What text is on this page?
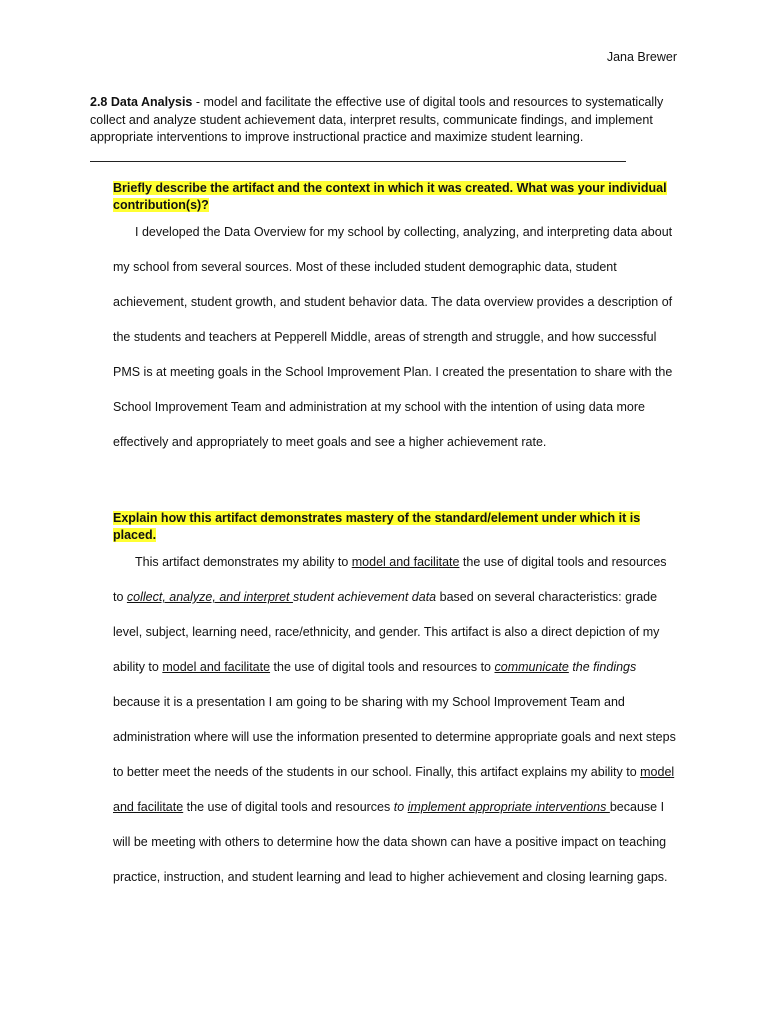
Jana Brewer

2.8 Data Analysis - model and facilitate the effective use of digital tools and resources to systematically collect and analyze student achievement data, interpret results, communicate findings, and implement appropriate interventions to improve instructional practice and maximize student learning.

Briefly describe the artifact and the context in which it was created. What was your individual contribution(s)?

I developed the Data Overview for my school by collecting, analyzing, and interpreting data about my school from several sources. Most of these included student demographic data, student achievement, student growth, and student behavior data. The data overview provides a description of the students and teachers at Pepperell Middle, areas of strength and struggle, and how successful PMS is at meeting goals in the School Improvement Plan. I created the presentation to share with the School Improvement Team and administration at my school with the intention of using data more effectively and appropriately to meet goals and see a higher achievement rate.

Explain how this artifact demonstrates mastery of the standard/element under which it is placed.

This artifact demonstrates my ability to model and facilitate the use of digital tools and resources to collect, analyze, and interpret student achievement data based on several characteristics: grade level, subject, learning need, race/ethnicity, and gender. This artifact is also a direct depiction of my ability to model and facilitate the use of digital tools and resources to communicate the findings because it is a presentation I am going to be sharing with my School Improvement Team and administration where will use the information presented to determine appropriate goals and next steps to better meet the needs of the students in our school. Finally, this artifact explains my ability to model and facilitate the use of digital tools and resources to implement appropriate interventions because I will be meeting with others to determine how the data shown can have a positive impact on teaching practice, instruction, and student learning and lead to higher achievement and closing learning gaps.
